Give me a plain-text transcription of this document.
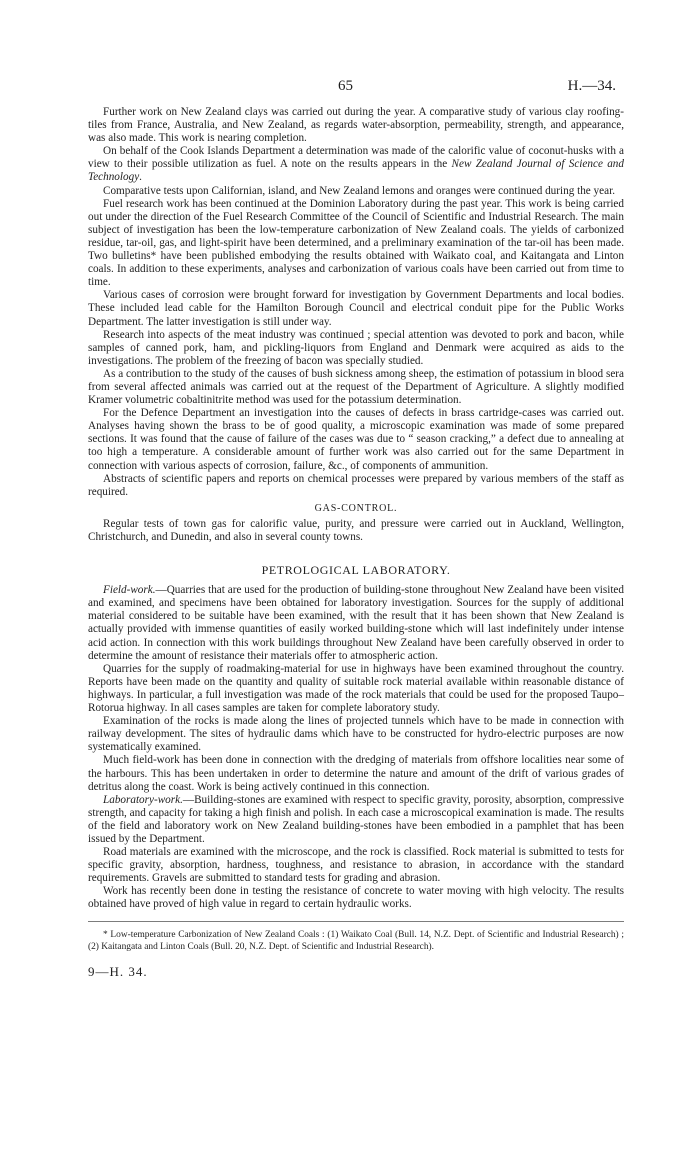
65	H.—34.

Further work on New Zealand clays was carried out during the year. A comparative study of various clay roofing-tiles from France, Australia, and New Zealand, as regards water-absorption, permeability, strength, and appearance, was also made. This work is nearing completion.

On behalf of the Cook Islands Department a determination was made of the calorific value of coconut-husks with a view to their possible utilization as fuel. A note on the results appears in the New Zealand Journal of Science and Technology.

Comparative tests upon Californian, island, and New Zealand lemons and oranges were continued during the year.

Fuel research work has been continued at the Dominion Laboratory during the past year. This work is being carried out under the direction of the Fuel Research Committee of the Council of Scientific and Industrial Research. The main subject of investigation has been the low-temperature carbonization of New Zealand coals. The yields of carbonized residue, tar-oil, gas, and light-spirit have been determined, and a preliminary examination of the tar-oil has been made. Two bulletins* have been published embodying the results obtained with Waikato coal, and Kaitangata and Linton coals. In addition to these experiments, analyses and carbonization of various coals have been carried out from time to time.

Various cases of corrosion were brought forward for investigation by Government Departments and local bodies. These included lead cable for the Hamilton Borough Council and electrical conduit pipe for the Public Works Department. The latter investigation is still under way.

Research into aspects of the meat industry was continued ; special attention was devoted to pork and bacon, while samples of canned pork, ham, and pickling-liquors from England and Denmark were acquired as aids to the investigations. The problem of the freezing of bacon was specially studied.

As a contribution to the study of the causes of bush sickness among sheep, the estimation of potassium in blood sera from several affected animals was carried out at the request of the Department of Agriculture. A slightly modified Kramer volumetric cobaltinitrite method was used for the potassium determination.

For the Defence Department an investigation into the causes of defects in brass cartridge-cases was carried out. Analyses having shown the brass to be of good quality, a microscopic examination was made of some prepared sections. It was found that the cause of failure of the cases was due to “ season cracking,” a defect due to annealing at too high a temperature. A considerable amount of further work was also carried out for the same Department in connection with various aspects of corrosion, failure, &c., of components of ammunition.

Abstracts of scientific papers and reports on chemical processes were prepared by various members of the staff as required.

GAS-CONTROL.

Regular tests of town gas for calorific value, purity, and pressure were carried out in Auckland, Wellington, Christchurch, and Dunedin, and also in several county towns.

PETROLOGICAL LABORATORY.

Field-work.—Quarries that are used for the production of building-stone throughout New Zealand have been visited and examined, and specimens have been obtained for laboratory investigation. Sources for the supply of additional material considered to be suitable have been examined, with the result that it has been shown that New Zealand is actually provided with immense quantities of easily worked building-stone which will last indefinitely under intense acid action. In connection with this work buildings throughout New Zealand have been carefully observed in order to determine the amount of resistance their materials offer to atmospheric action.

Quarries for the supply of roadmaking-material for use in highways have been examined throughout the country. Reports have been made on the quantity and quality of suitable rock material available within reasonable distance of highways. In particular, a full investigation was made of the rock materials that could be used for the proposed Taupo–Rotorua highway. In all cases samples are taken for complete laboratory study.

Examination of the rocks is made along the lines of projected tunnels which have to be made in connection with railway development. The sites of hydraulic dams which have to be constructed for hydro-electric purposes are now systematically examined.

Much field-work has been done in connection with the dredging of materials from offshore localities near some of the harbours. This has been undertaken in order to determine the nature and amount of the drift of various grades of detritus along the coast. Work is being actively continued in this connection.

Laboratory-work.—Building-stones are examined with respect to specific gravity, porosity, absorption, compressive strength, and capacity for taking a high finish and polish. In each case a microscopical examination is made. The results of the field and laboratory work on New Zealand building-stones have been embodied in a pamphlet that has been issued by the Department.

Road materials are examined with the microscope, and the rock is classified. Rock material is submitted to tests for specific gravity, absorption, hardness, toughness, and resistance to abrasion, in accordance with the standard requirements. Gravels are submitted to standard tests for grading and abrasion.

Work has recently been done in testing the resistance of concrete to water moving with high velocity. The results obtained have proved of high value in regard to certain hydraulic works.

* Low-temperature Carbonization of New Zealand Coals : (1) Waikato Coal (Bull. 14, N.Z. Dept. of Scientific and Industrial Research) ; (2) Kaitangata and Linton Coals (Bull. 20, N.Z. Dept. of Scientific and Industrial Research).

9—H. 34.
